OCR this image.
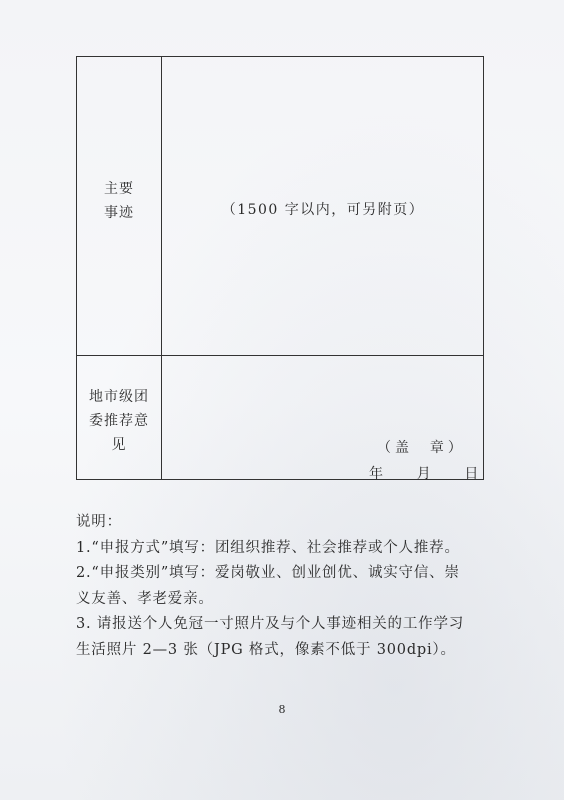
主要
事迹	（1500 字以内，可另附页）
地市级团
委推荐意
见	（盖  章）
年      月      日

说明：

1.“申报方式”填写：团组织推荐、社会推荐或个人推荐。

2.“申报类别”填写：爱岗敬业、创业创优、诚实守信、崇

义友善、孝老爱亲。

3. 请报送个人免冠一寸照片及与个人事迹相关的工作学习

生活照片 2—3 张（JPG 格式，像素不低于 300dpi）。

8
